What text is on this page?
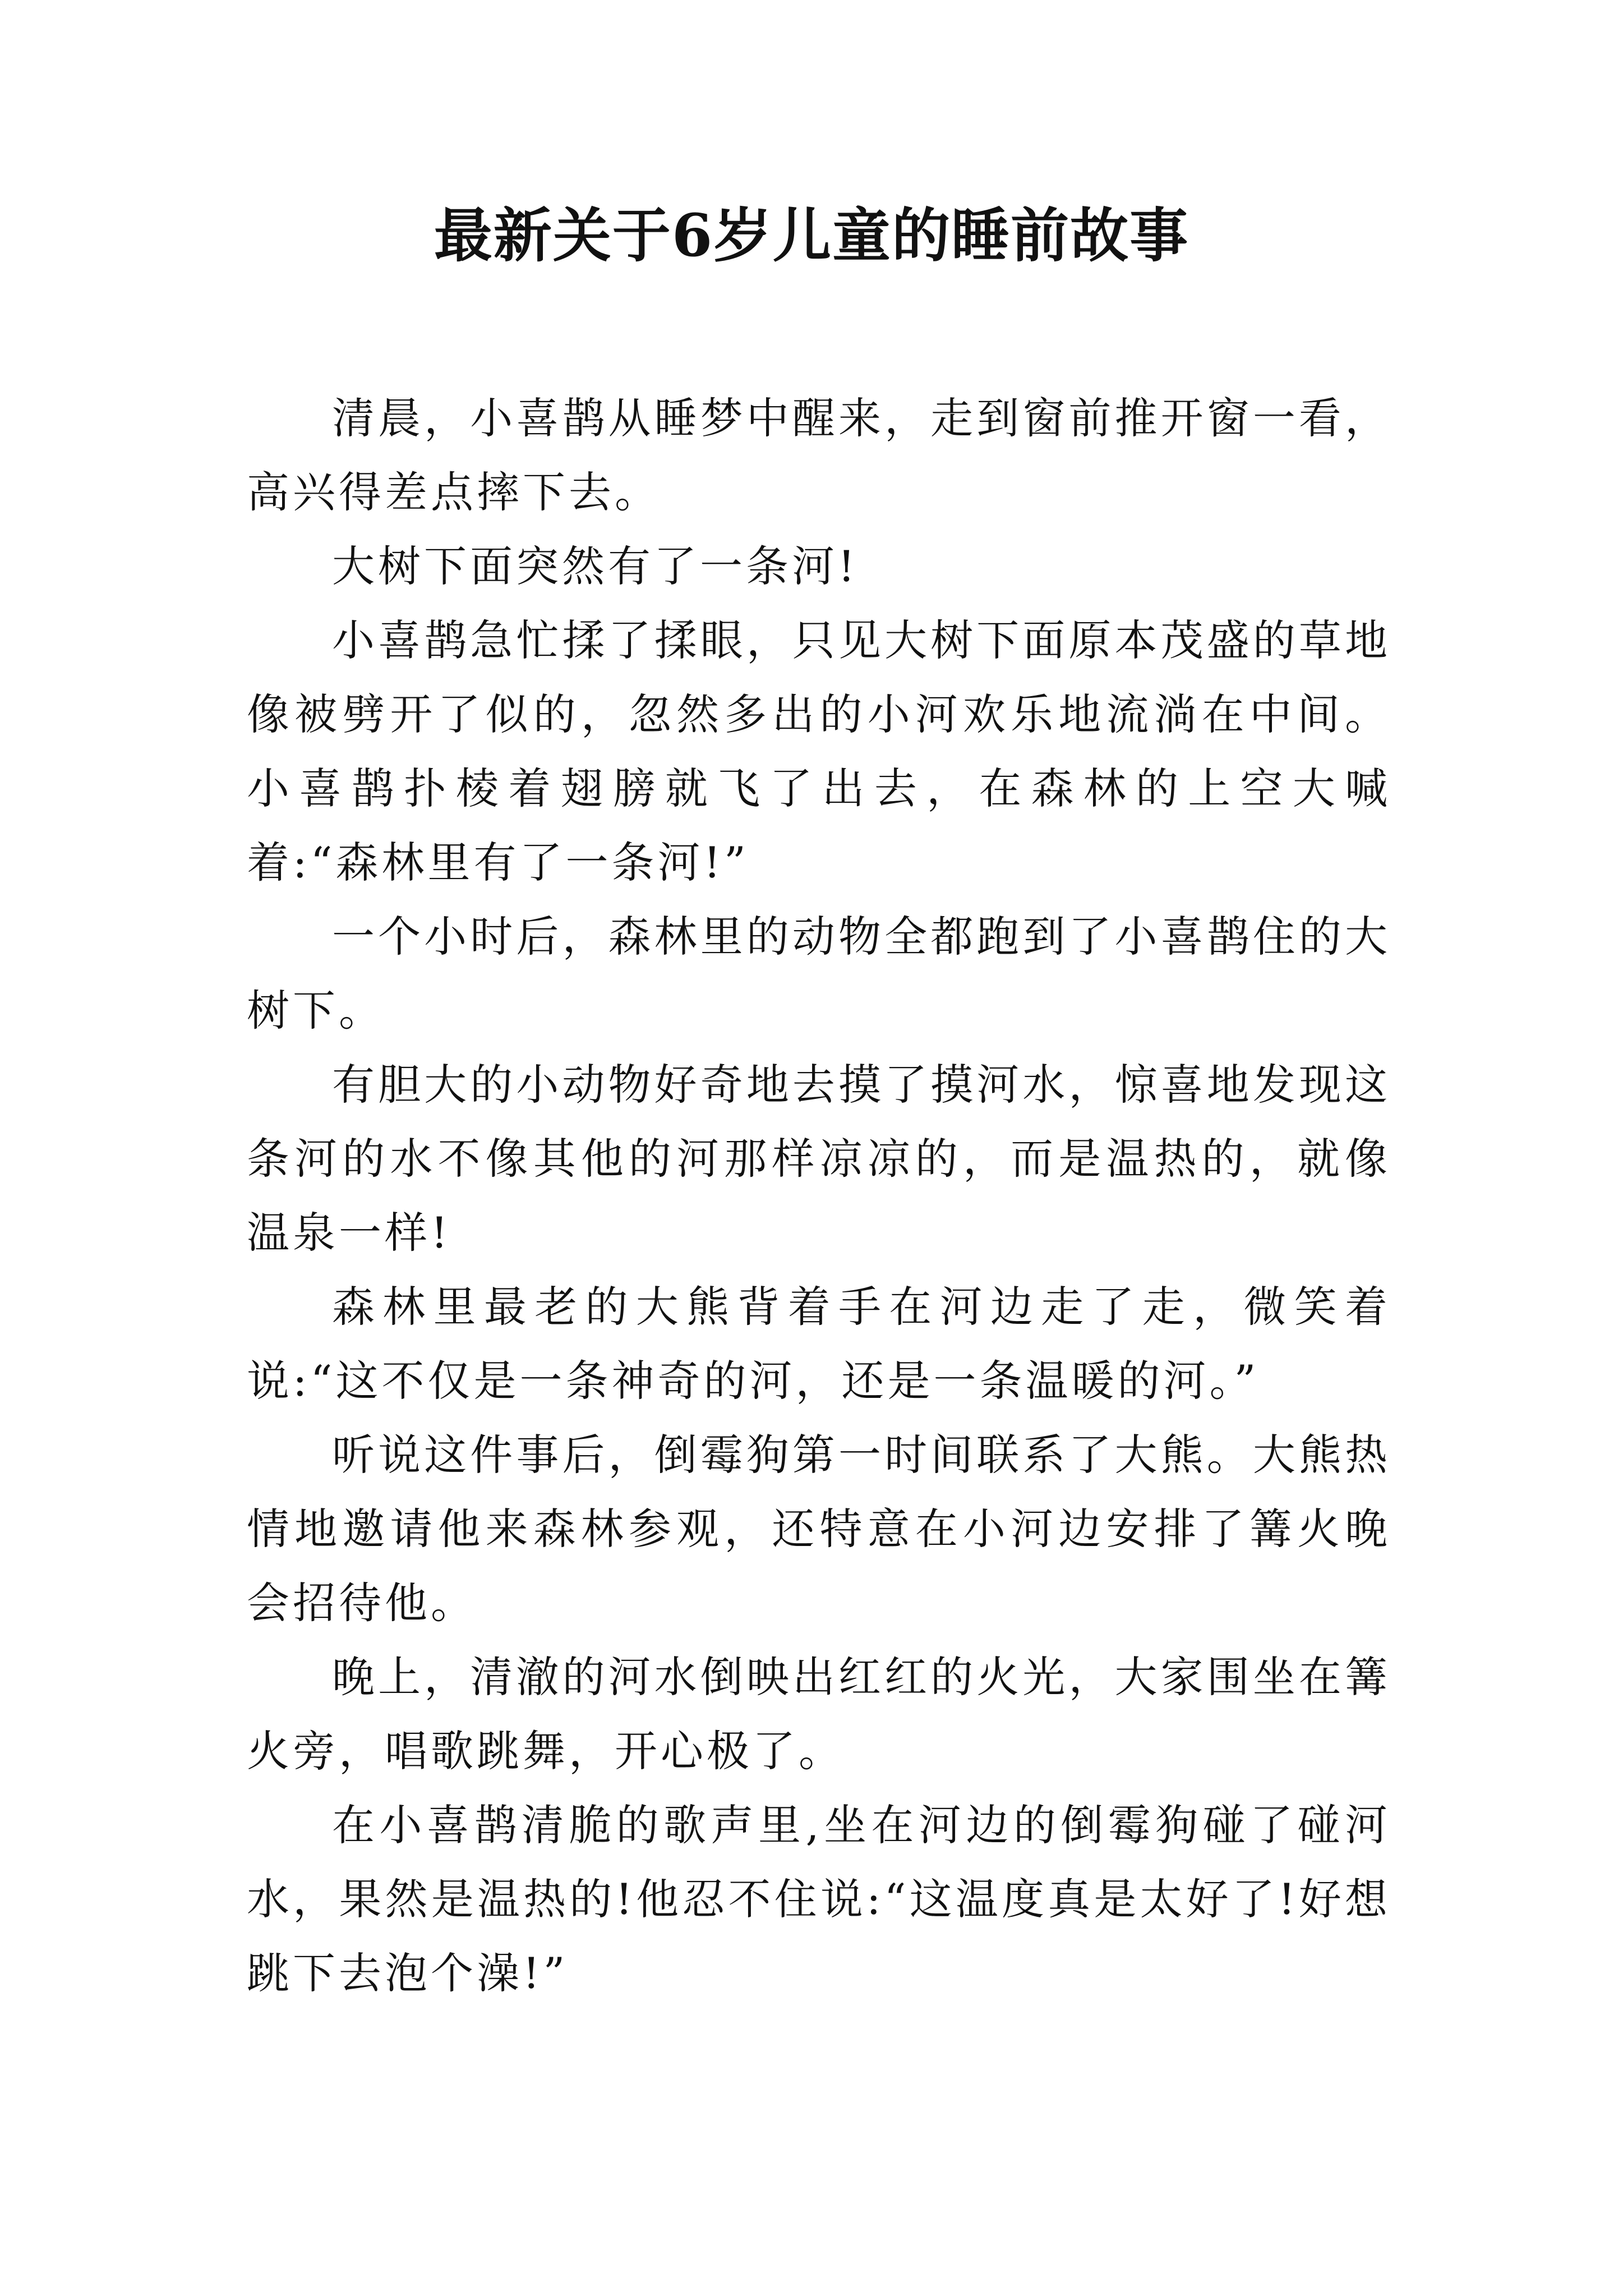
最新关于6岁儿童的睡前故事

清晨，小喜鹊从睡梦中醒来，走到窗前推开窗一看，高兴得差点摔下去。

大树下面突然有了一条河!

小喜鹊急忙揉了揉眼，只见大树下面原本茂盛的草地像被劈开了似的，忽然多出的小河欢乐地流淌在中间。小喜鹊扑棱着翅膀就飞了出去，在森林的上空大喊着:“森林里有了一条河!”

一个小时后，森林里的动物全都跑到了小喜鹊住的大树下。

有胆大的小动物好奇地去摸了摸河水，惊喜地发现这条河的水不像其他的河那样凉凉的，而是温热的，就像温泉一样!

森林里最老的大熊背着手在河边走了走，微笑着说:“这不仅是一条神奇的河，还是一条温暖的河。”

听说这件事后，倒霉狗第一时间联系了大熊。大熊热情地邀请他来森林参观，还特意在小河边安排了篝火晚会招待他。

晚上，清澈的河水倒映出红红的火光，大家围坐在篝火旁，唱歌跳舞，开心极了。

在小喜鹊清脆的歌声里,坐在河边的倒霉狗碰了碰河水，果然是温热的!他忍不住说:“这温度真是太好了!好想跳下去泡个澡!”
